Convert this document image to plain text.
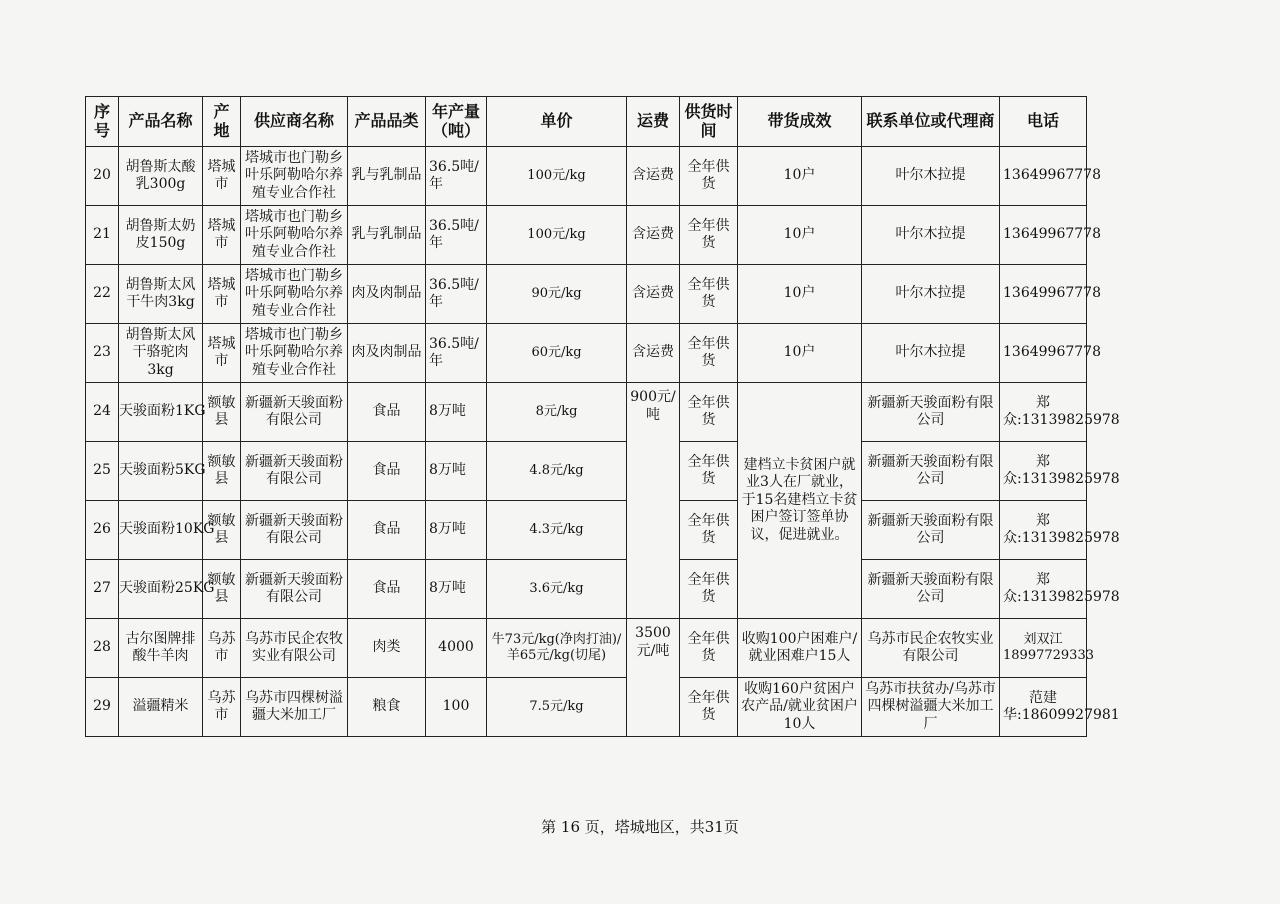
序号	产品名称	产地	供应商名称	产品品类	年产量（吨）	单价	运费	供货时间	带货成效	联系单位或代理商	电话
20	胡鲁斯太酸乳300g	塔城市	塔城市也门勒乡叶乐阿勒哈尔养殖专业合作社	乳与乳制品	36.5吨/年	100元/kg	含运费	全年供货	10户	叶尔木拉提	13649967778
21	胡鲁斯太奶皮150g	塔城市	塔城市也门勒乡叶乐阿勒哈尔养殖专业合作社	乳与乳制品	36.5吨/年	100元/kg	含运费	全年供货	10户	叶尔木拉提	13649967778
22	胡鲁斯太风干牛肉3kg	塔城市	塔城市也门勒乡叶乐阿勒哈尔养殖专业合作社	肉及肉制品	36.5吨/年	90元/kg	含运费	全年供货	10户	叶尔木拉提	13649967778
23	胡鲁斯太风干骆驼肉3kg	塔城市	塔城市也门勒乡叶乐阿勒哈尔养殖专业合作社	肉及肉制品	36.5吨/年	60元/kg	含运费	全年供货	10户	叶尔木拉提	13649967778
24	天骏面粉1KG	额敏县	新疆新天骏面粉有限公司	食品	8万吨	8元/kg	900元/吨	全年供货	建档立卡贫困户就业3人在厂就业，于15名建档立卡贫困户签订签单协议，促进就业。	新疆新天骏面粉有限公司	郑众:13139825978
25	天骏面粉5KG	额敏县	新疆新天骏面粉有限公司	食品	8万吨	4.8元/kg		全年供货		新疆新天骏面粉有限公司	郑众:13139825978
26	天骏面粉10KG	额敏县	新疆新天骏面粉有限公司	食品	8万吨	4.3元/kg		全年供货		新疆新天骏面粉有限公司	郑众:13139825978
27	天骏面粉25KG	额敏县	新疆新天骏面粉有限公司	食品	8万吨	3.6元/kg		全年供货		新疆新天骏面粉有限公司	郑众:13139825978
28	古尔图牌排酸牛羊肉	乌苏市	乌苏市民企农牧实业有限公司	肉类	4000	牛73元/kg(净肉打油)/羊65元/kg(切尾)	3500元/吨	全年供货	收购100户困难户/就业困难户15人	乌苏市民企农牧实业有限公司	刘双江18997729333
29	溢疆精米	乌苏市	乌苏市四棵树溢疆大米加工厂	粮食	100	7.5元/kg		全年供货	收购160户贫困户农产品/就业贫困户10人	乌苏市扶贫办/乌苏市四棵树溢疆大米加工厂	范建华:18609927981
第 16 页，塔城地区，共31页
